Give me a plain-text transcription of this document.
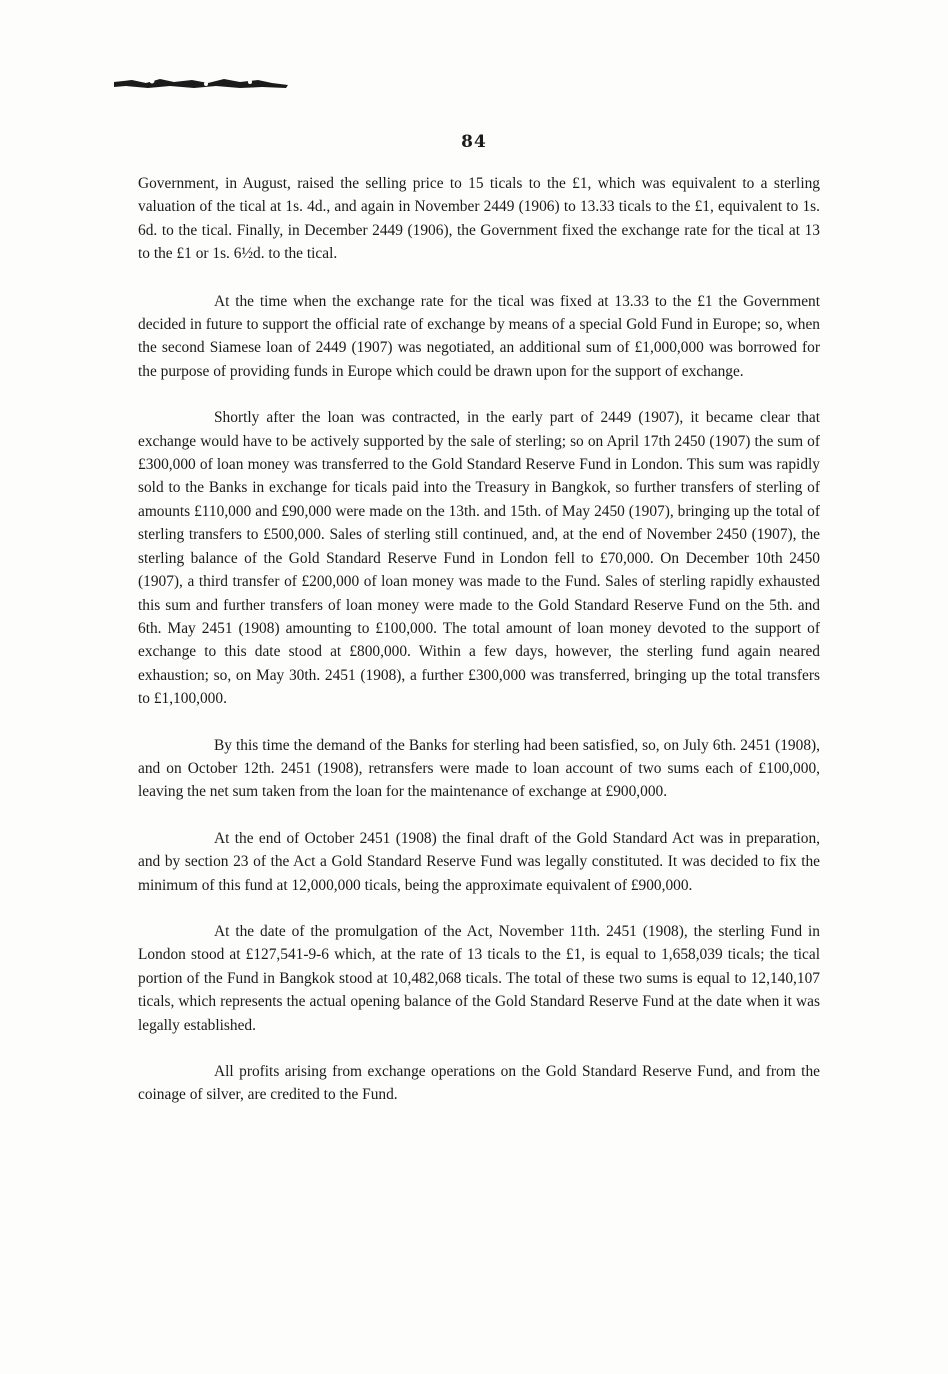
84

Government, in August, raised the selling price to 15 ticals to the £1, which was equivalent to a sterling valuation of the tical at 1s. 4d., and again in November 2449 (1906) to 13.33 ticals to the £1, equivalent to 1s. 6d. to the tical. Finally, in December 2449 (1906), the Government fixed the exchange rate for the tical at 13 to the £1 or 1s. 6½d. to the tical.

At the time when the exchange rate for the tical was fixed at 13.33 to the £1 the Government decided in future to support the official rate of exchange by means of a special Gold Fund in Europe; so, when the second Siamese loan of 2449 (1907) was negotiated, an additional sum of £1,000,000 was borrowed for the purpose of providing funds in Europe which could be drawn upon for the support of exchange.

Shortly after the loan was contracted, in the early part of 2449 (1907), it became clear that exchange would have to be actively supported by the sale of sterling; so on April 17th 2450 (1907) the sum of £300,000 of loan money was transferred to the Gold Standard Reserve Fund in London. This sum was rapidly sold to the Banks in exchange for ticals paid into the Treasury in Bangkok, so further transfers of sterling of amounts £110,000 and £90,000 were made on the 13th. and 15th. of May 2450 (1907), bringing up the total of sterling transfers to £500,000. Sales of sterling still continued, and, at the end of November 2450 (1907), the sterling balance of the Gold Standard Reserve Fund in London fell to £70,000. On December 10th 2450 (1907), a third transfer of £200,000 of loan money was made to the Fund. Sales of sterling rapidly exhausted this sum and further transfers of loan money were made to the Gold Standard Reserve Fund on the 5th. and 6th. May 2451 (1908) amounting to £100,000. The total amount of loan money devoted to the support of exchange to this date stood at £800,000. Within a few days, however, the sterling fund again neared exhaustion; so, on May 30th. 2451 (1908), a further £300,000 was transferred, bringing up the total transfers to £1,100,000.

By this time the demand of the Banks for sterling had been satisfied, so, on July 6th. 2451 (1908), and on October 12th. 2451 (1908), retransfers were made to loan account of two sums each of £100,000, leaving the net sum taken from the loan for the maintenance of exchange at £900,000.

At the end of October 2451 (1908) the final draft of the Gold Standard Act was in preparation, and by section 23 of the Act a Gold Standard Reserve Fund was legally constituted. It was decided to fix the minimum of this fund at 12,000,000 ticals, being the approximate equivalent of £900,000.

At the date of the promulgation of the Act, November 11th. 2451 (1908), the sterling Fund in London stood at £127,541-9-6 which, at the rate of 13 ticals to the £1, is equal to 1,658,039 ticals; the tical portion of the Fund in Bangkok stood at 10,482,068 ticals. The total of these two sums is equal to 12,140,107 ticals, which represents the actual opening balance of the Gold Standard Reserve Fund at the date when it was legally established.

All profits arising from exchange operations on the Gold Standard Reserve Fund, and from the coinage of silver, are credited to the Fund.
